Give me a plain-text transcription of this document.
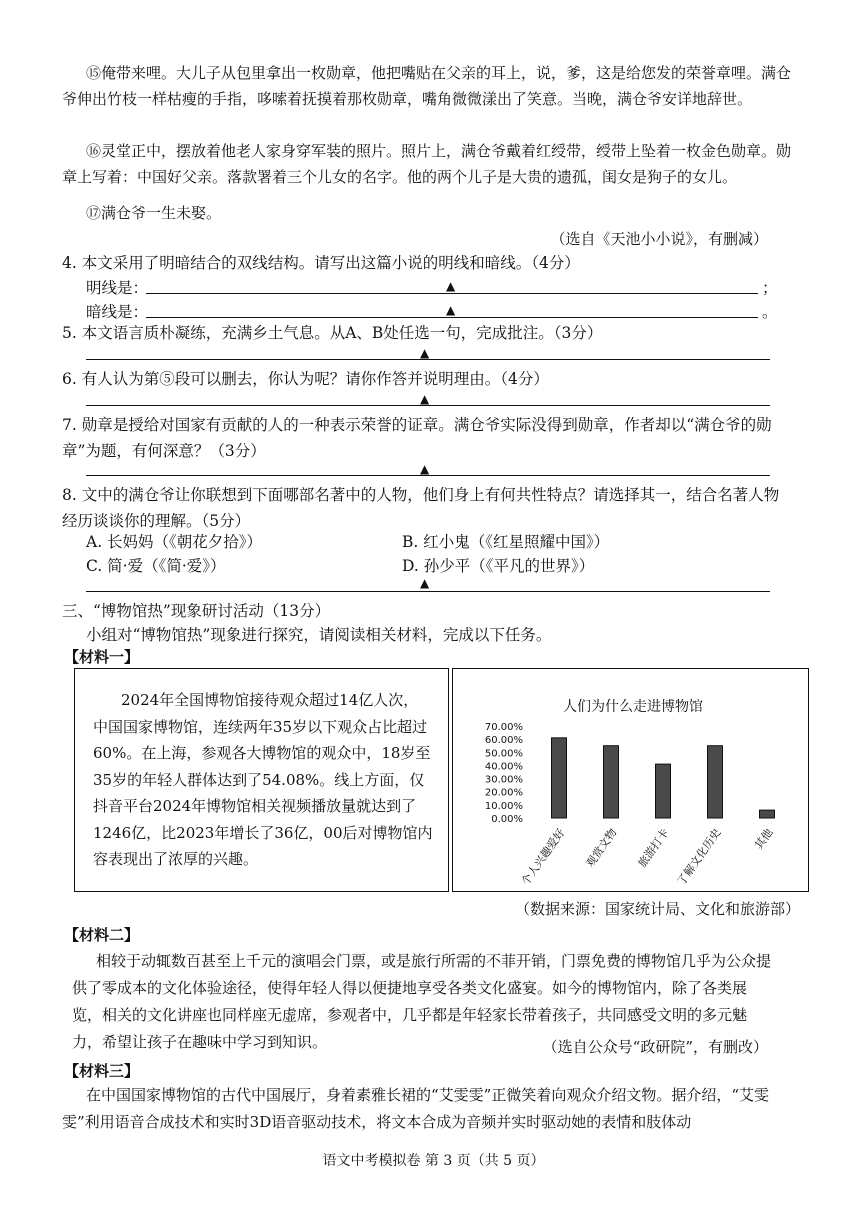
⑮俺带来哩。大儿子从包里拿出一枚勋章，他把嘴贴在父亲的耳上，说，爹，这是给您发的荣誉章哩。满仓爷伸出竹枝一样枯瘦的手指，哆嗦着抚摸着那枚勋章，嘴角微微漾出了笑意。当晚，满仓爷安详地辞世。
⑯灵堂正中，摆放着他老人家身穿军装的照片。照片上，满仓爷戴着红绶带，绶带上坠着一枚金色勋章。勋章上写着：中国好父亲。落款署着三个儿女的名字。他的两个儿子是大贵的遗孤，闺女是狗子的女儿。
⑰满仓爷一生未娶。
（选自《天池小小说》，有删减）
4. 本文采用了明暗结合的双线结构。请写出这篇小说的明线和暗线。（4分）
明线是：	▲	；
暗线是：	▲	。
5. 本文语言质朴凝练，充满乡土气息。从A、B处任选一句，完成批注。（3分）
▲
6. 有人认为第⑤段可以删去，你认为呢？请你作答并说明理由。（4分）
▲
7. 勋章是授给对国家有贡献的人的一种表示荣誉的证章。满仓爷实际没得到勋章，作者却以“满仓爷的勋章”为题，有何深意？（3分）
▲
8. 文中的满仓爷让你联想到下面哪部名著中的人物，他们身上有何共性特点？请选择其一，结合名著人物经历谈谈你的理解。（5分）
A. 长妈妈（《朝花夕拾》）	B. 红小鬼（《红星照耀中国》）
C. 简·爱（《简·爱》）	D. 孙少平（《平凡的世界》）
▲
三、“博物馆热”现象研讨活动（13分）
小组对“博物馆热”现象进行探究，请阅读相关材料，完成以下任务。
【材料一】
2024年全国博物馆接待观众超过14亿人次，中国国家博物馆，连续两年35岁以下观众占比超过60%。在上海，参观各大博物馆的观众中，18岁至35岁的年轻人群体达到了54.08%。线上方面，仅抖音平台2024年博物馆相关视频播放量就达到了1246亿，比2023年增长了36亿，00后对博物馆内容表现出了浓厚的兴趣。
人们为什么走进博物馆
0.00%
10.00%
20.00%
30.00%
40.00%
50.00%
60.00%
70.00%
个人兴趣爱好 观赏文物 旅游打卡 了解文化历史	其他
（数据来源：国家统计局、文化和旅游部）
【材料二】
相较于动辄数百甚至上千元的演唱会门票，或是旅行所需的不菲开销，门票免费的博物馆几乎为公众提供了零成本的文化体验途径，使得年轻人得以便捷地享受各类文化盛宴。如今的博物馆内，除了各类展览，相关的文化讲座也同样座无虚席，参观者中，几乎都是年轻家长带着孩子，共同感受文明的多元魅力，希望让孩子在趣味中学习到知识。	（选自公众号“政研院”，有删改）
【材料三】
在中国国家博物馆的古代中国展厅，身着素雅长裙的“艾雯雯”正微笑着向观众介绍文物。据介绍，“艾雯雯”利用语音合成技术和实时3D语音驱动技术，将文本合成为音频并实时驱动她的表情和肢体动
语文中考模拟卷 第 3 页（共 5 页）
